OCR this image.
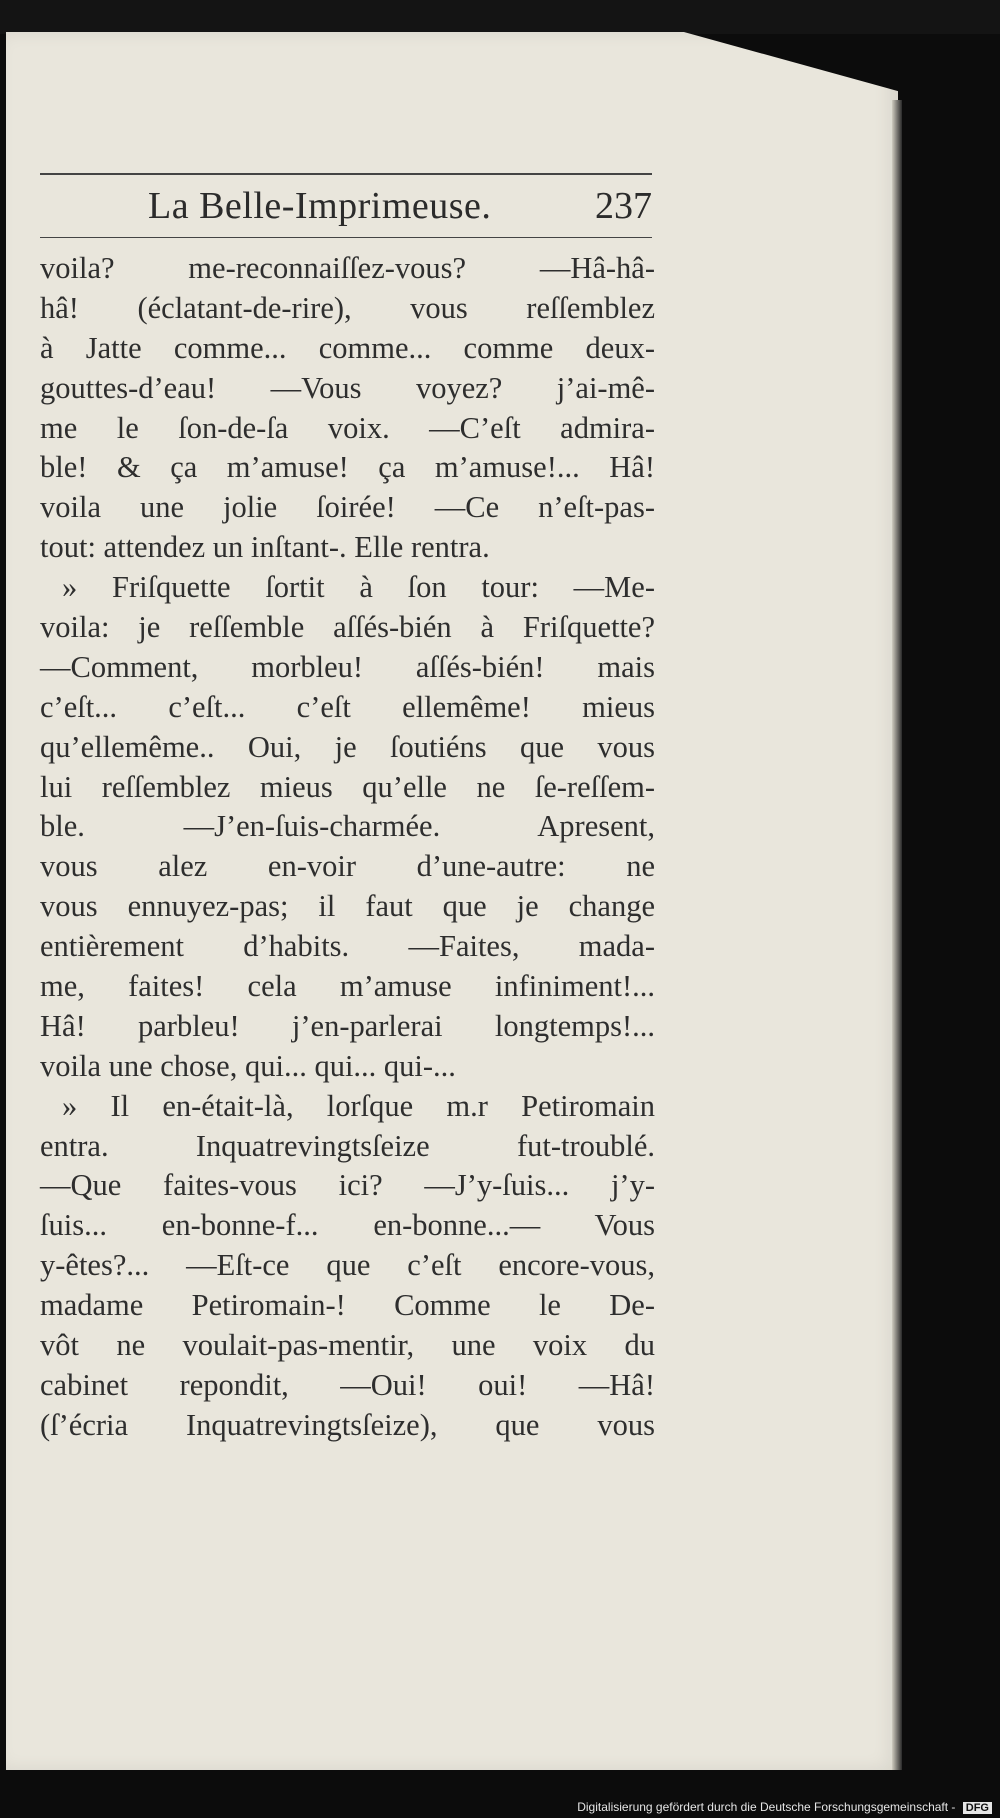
La Belle-Imprimeuse.	237
voila? me-reconnaiſſez-vous? —Hâ-hâ-
hâ! (éclatant-de-rire), vous reſſemblez
à Jatte comme... comme... comme deux-
gouttes-d’eau! —Vous voyez? j’ai-mê-
me le ſon-de-ſa voix. —C’eſt admira-
ble! & ça m’amuse! ça m’amuse!... Hâ!
voila une jolie ſoirée! —Ce n’eſt-pas-
tout: attendez un inſtant-. Elle rentra.
» Friſquette ſortit à ſon tour: —Me-
voila: je reſſemble aſſés-bién à Friſquette?
—Comment, morbleu! aſſés-bién! mais
c’eſt... c’eſt... c’eſt ellemême! mieus
qu’ellemême.. Oui, je ſoutiéns que vous
lui reſſemblez mieus qu’elle ne ſe-reſſem-
ble. —J’en-ſuis-charmée. Apresent,
vous alez en-voir d’une-autre: ne
vous ennuyez-pas; il faut que je change
entièrement d’habits. —Faites, mada-
me, faites! cela m’amuse infiniment!...
Hâ! parbleu! j’en-parlerai longtemps!...
voila une chose, qui... qui... qui-...
» Il en-était-là, lorſque m.r Petiromain
entra. Inquatrevingtsſeize fut-troublé.
—Que faites-vous ici? —J’y-ſuis... j’y-
ſuis... en-bonne-f... en-bonne...— Vous
y-êtes?... —Eſt-ce que c’eſt encore-vous,
madame Petiromain-! Comme le De-
vôt ne voulait-pas-mentir, une voix du
cabinet repondit, —Oui! oui! —Hâ!
(ſ’écria Inquatrevingtsſeize), que vous
Digitalisierung gefördert durch die Deutsche Forschungsgemeinschaft - DFG
